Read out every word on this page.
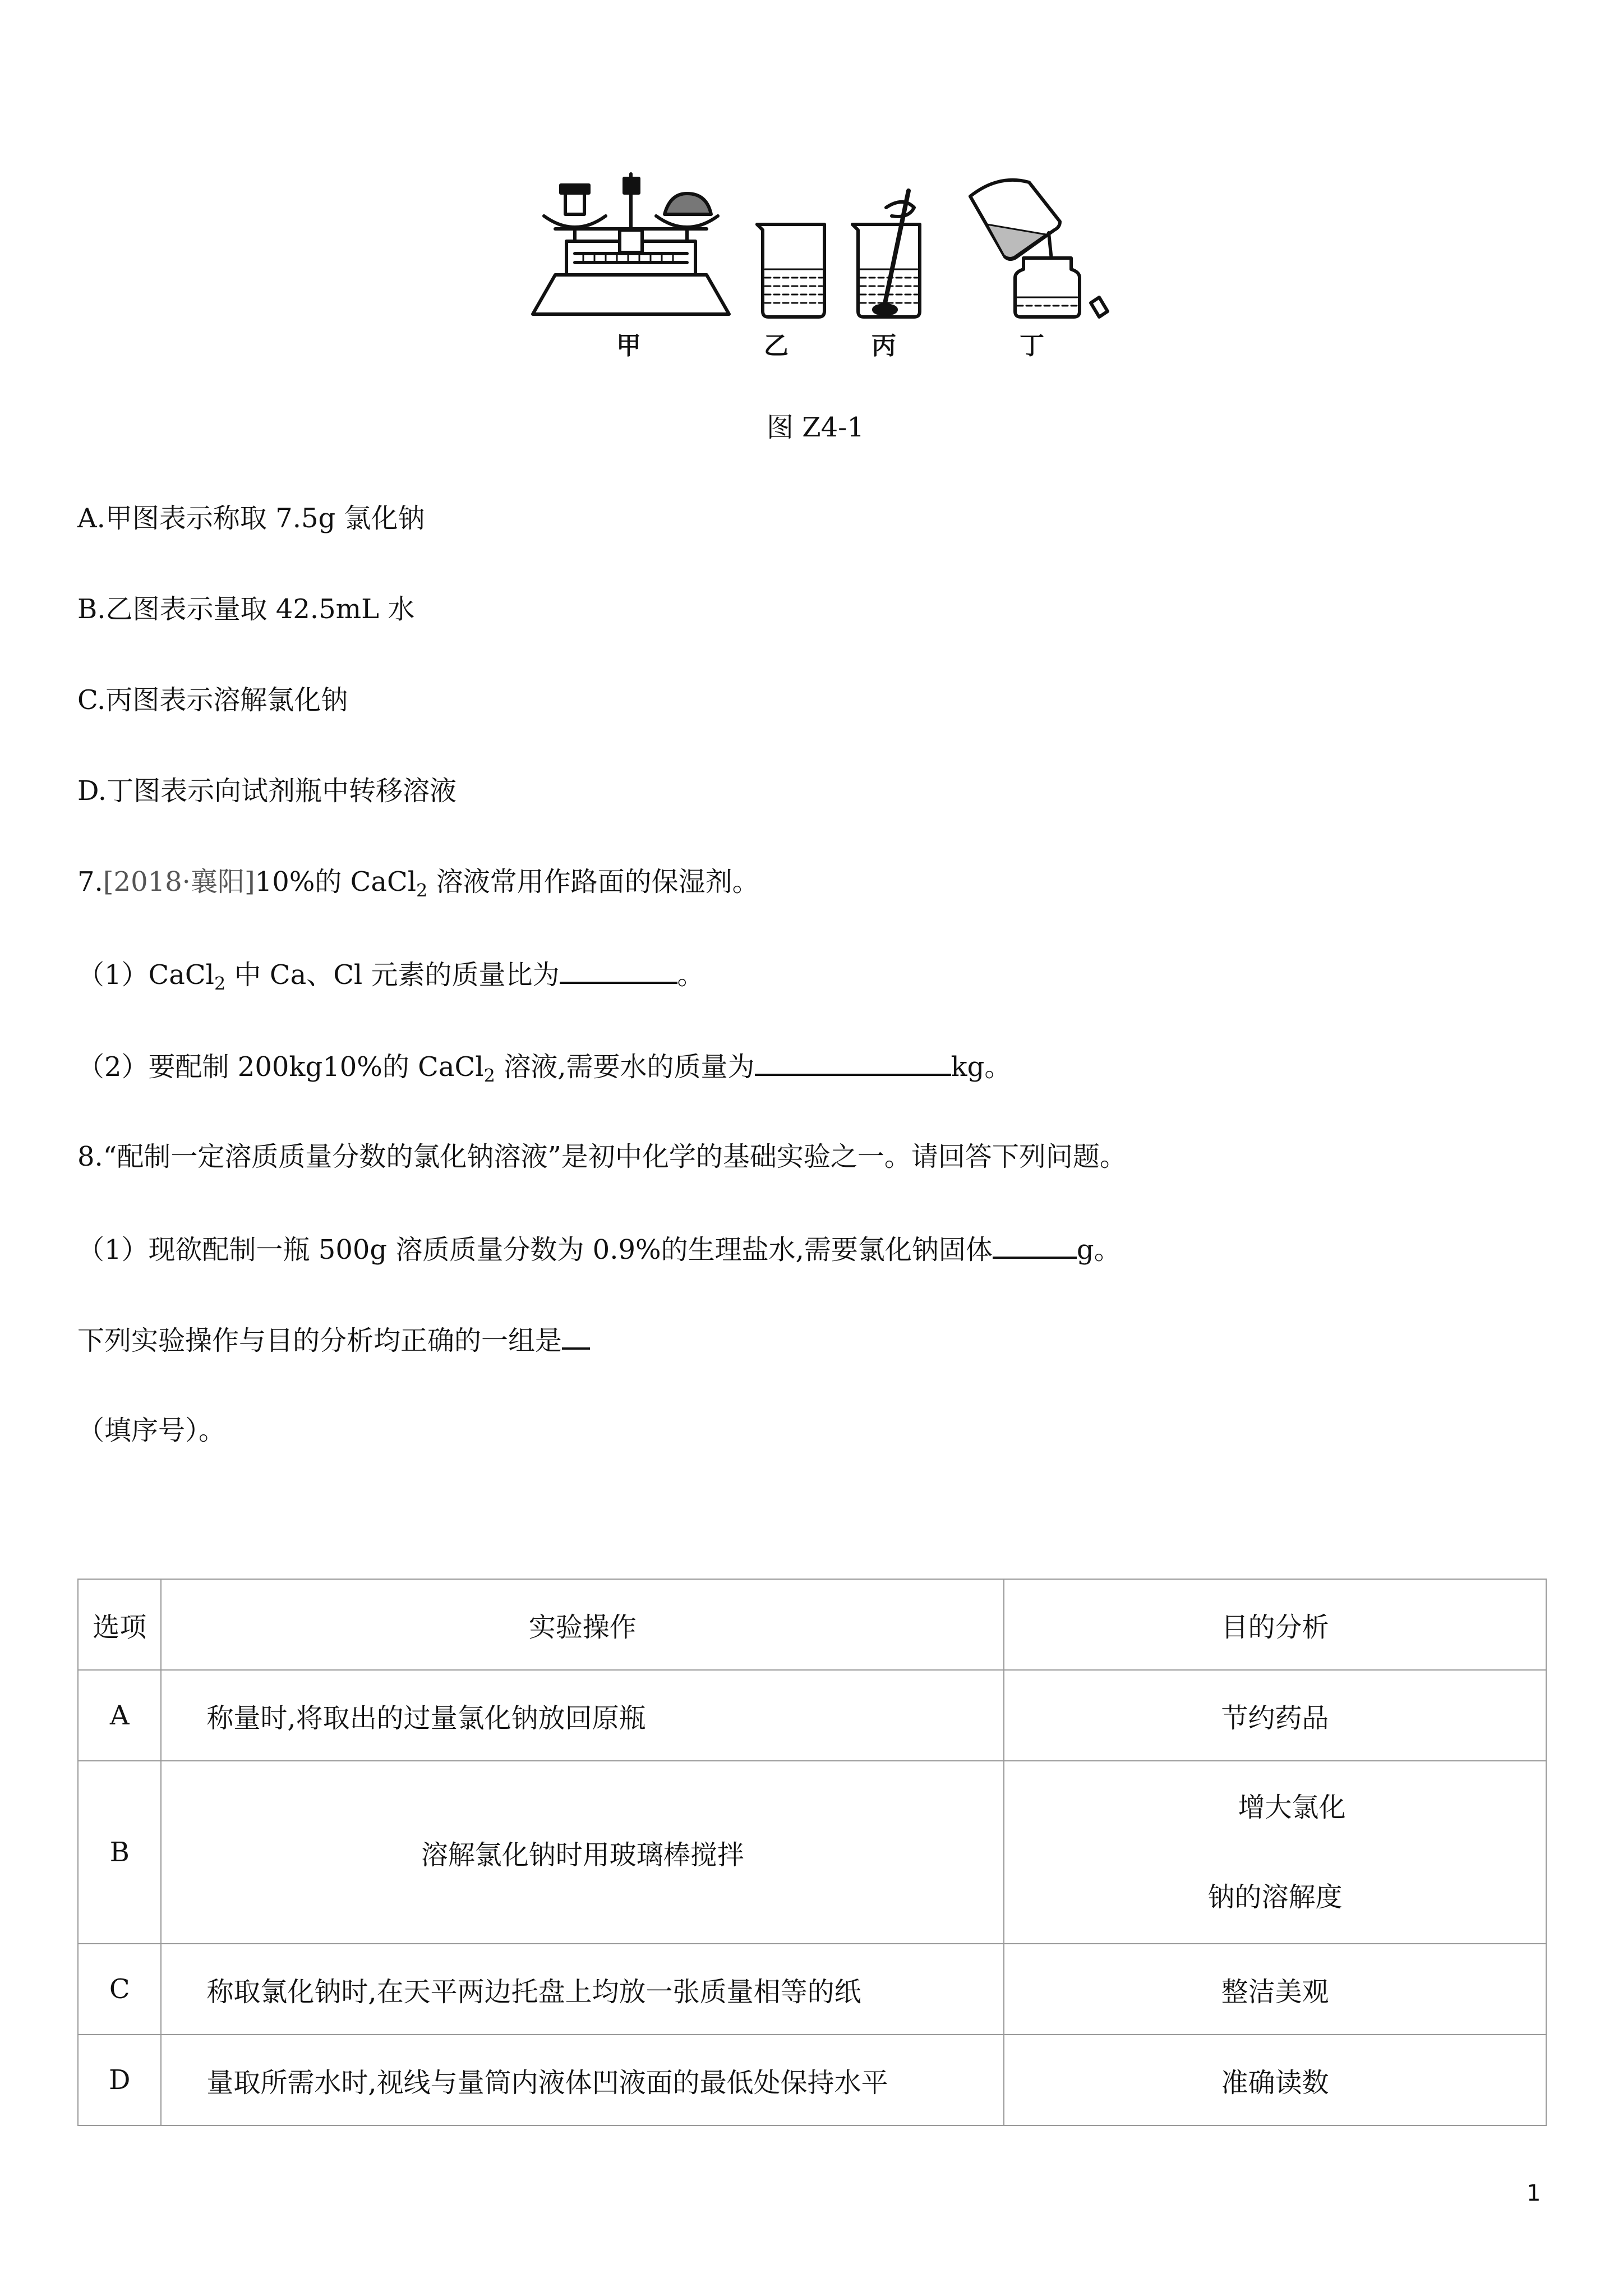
甲	乙	丙	丁
图 Z4-1
A.甲图表示称取 7.5g 氯化钠
B.乙图表示量取 42.5mL 水
C.丙图表示溶解氯化钠
D.丁图表示向试剂瓶中转移溶液
7.[2018·襄阳]10%的 CaCl$_2$ 溶液常用作路面的保湿剂。
（1）CaCl$_2$ 中 Ca、Cl 元素的质量比为	。
（2）要配制 200kg10%的 CaCl$_2$ 溶液,需要水的质量为	kg。
8.“配制一定溶质质量分数的氯化钠溶液”是初中化学的基础实验之一。请回答下列问题。
（1）现欲配制一瓶 500g 溶质质量分数为 0.9%的生理盐水,需要氯化钠固体	g。
下列实验操作与目的分析均正确的一组是
（填序号）。
选项	实验操作	目的分析
A	称量时,将取出的过量氯化钠放回原瓶	节约药品
B	溶解氯化钠时用玻璃棒搅拌	增大氯化
钠的溶解度

C	称取氯化钠时,在天平两边托盘上均放一张质量相等的纸	整洁美观
D	量取所需水时,视线与量筒内液体凹液面的最低处保持水平	准确读数
1
